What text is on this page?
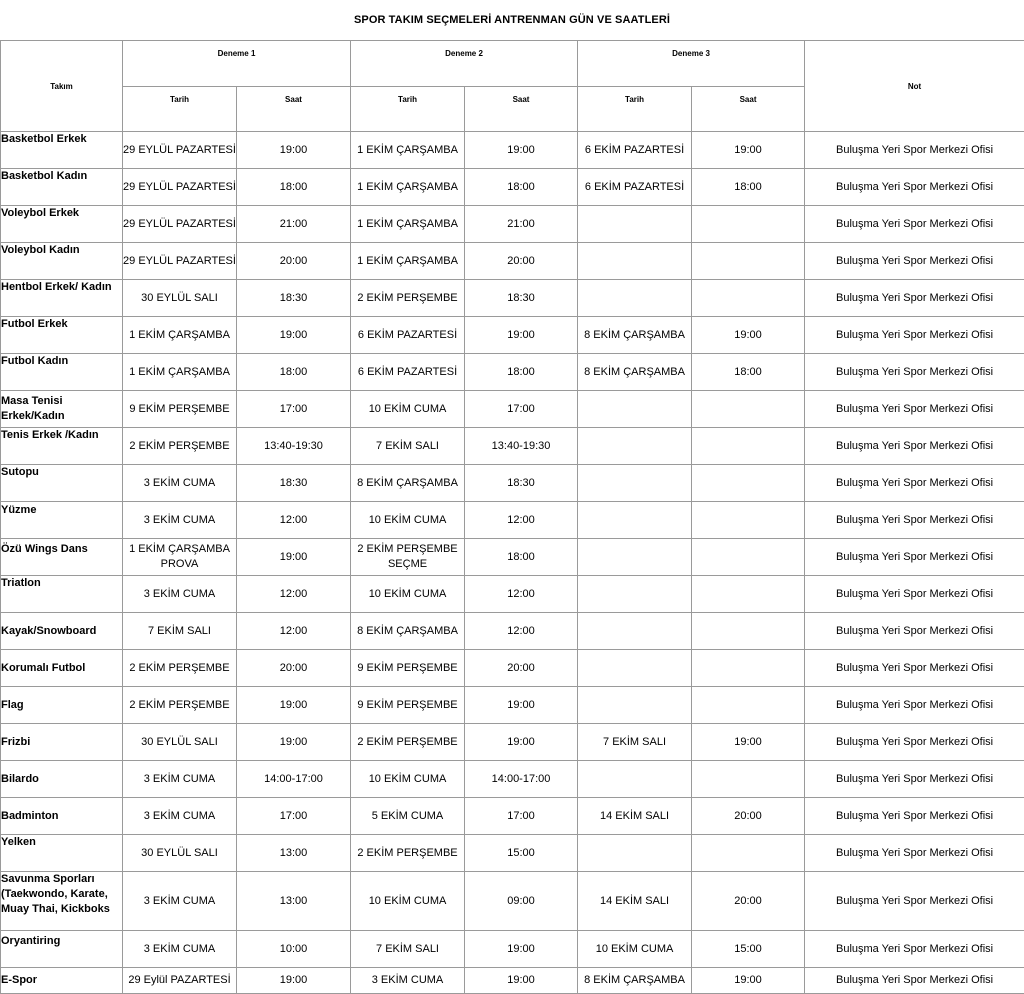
SPOR TAKIM SEÇMELERİ ANTRENMAN GÜN VE SAATLERİ
Takım	Deneme 1		Deneme 2		Deneme 3		Not
	Tarih	Saat	Tarih	Saat	Tarih	Saat	
Basketbol Erkek	29 EYLÜL PAZARTESİ	19:00	1 EKİM ÇARŞAMBA	19:00	6 EKİM PAZARTESİ	19:00	Buluşma Yeri Spor Merkezi Ofisi
Basketbol Kadın	29 EYLÜL PAZARTESİ	18:00	1 EKİM ÇARŞAMBA	18:00	6 EKİM PAZARTESİ	18:00	Buluşma Yeri Spor Merkezi Ofisi
Voleybol Erkek	29 EYLÜL PAZARTESİ	21:00	1 EKİM ÇARŞAMBA	21:00			Buluşma Yeri Spor Merkezi Ofisi
Voleybol Kadın	29 EYLÜL PAZARTESİ	20:00	1 EKİM ÇARŞAMBA	20:00			Buluşma Yeri Spor Merkezi Ofisi
Hentbol Erkek/ Kadın	30 EYLÜL SALI	18:30	2 EKİM PERŞEMBE	18:30			Buluşma Yeri Spor Merkezi Ofisi
Futbol Erkek	1 EKİM ÇARŞAMBA	19:00	6 EKİM PAZARTESİ	19:00	8 EKİM ÇARŞAMBA	19:00	Buluşma Yeri Spor Merkezi Ofisi
Futbol Kadın	1 EKİM ÇARŞAMBA	18:00	6 EKİM PAZARTESİ	18:00	8 EKİM ÇARŞAMBA	18:00	Buluşma Yeri Spor Merkezi Ofisi
Masa Tenisi Erkek/Kadın	9 EKİM PERŞEMBE	17:00	10 EKİM CUMA	17:00			Buluşma Yeri Spor Merkezi Ofisi
Tenis Erkek /Kadın	2 EKİM PERŞEMBE	13:40-19:30	7 EKİM SALI	13:40-19:30			Buluşma Yeri Spor Merkezi Ofisi
Sutopu	3 EKİM CUMA	18:30	8 EKİM ÇARŞAMBA	18:30			Buluşma Yeri Spor Merkezi Ofisi
Yüzme	3 EKİM CUMA	12:00	10 EKİM CUMA	12:00			Buluşma Yeri Spor Merkezi Ofisi
Özü Wings Dans	1 EKİM ÇARŞAMBA PROVA	19:00	2 EKİM PERŞEMBE SEÇME	18:00			Buluşma Yeri Spor Merkezi Ofisi
Triatlon	3 EKİM CUMA	12:00	10 EKİM CUMA	12:00			Buluşma Yeri Spor Merkezi Ofisi
Kayak/Snowboard	7 EKİM SALI	12:00	8 EKİM ÇARŞAMBA	12:00			Buluşma Yeri Spor Merkezi Ofisi
Korumalı Futbol	2 EKİM PERŞEMBE	20:00	9 EKİM PERŞEMBE	20:00			Buluşma Yeri Spor Merkezi Ofisi
Flag	2 EKİM PERŞEMBE	19:00	9 EKİM PERŞEMBE	19:00			Buluşma Yeri Spor Merkezi Ofisi
Frizbi	30 EYLÜL SALI	19:00	2 EKİM PERŞEMBE	19:00	7 EKİM SALI	19:00	Buluşma Yeri Spor Merkezi Ofisi
Bilardo	3 EKİM CUMA	14:00-17:00	10 EKİM CUMA	14:00-17:00			Buluşma Yeri Spor Merkezi Ofisi
Badminton	3 EKİM CUMA	17:00	5 EKİM CUMA	17:00	14 EKİM SALI	20:00	Buluşma Yeri Spor Merkezi Ofisi
Yelken	30 EYLÜL SALI	13:00	2 EKİM PERŞEMBE	15:00			Buluşma Yeri Spor Merkezi Ofisi
Savunma Sporları (Taekwondo, Karate, Muay Thai, Kickboks	3 EKİM CUMA	13:00	10 EKİM CUMA	09:00	14 EKİM SALI	20:00	Buluşma Yeri Spor Merkezi Ofisi
Oryantiring	3 EKİM CUMA	10:00	7 EKİM SALI	19:00	10 EKİM CUMA	15:00	Buluşma Yeri Spor Merkezi Ofisi
E-Spor	29 Eylül PAZARTESİ	19:00	3 EKİM CUMA	19:00	8 EKİM ÇARŞAMBA	19:00	Buluşma Yeri Spor Merkezi Ofisi
